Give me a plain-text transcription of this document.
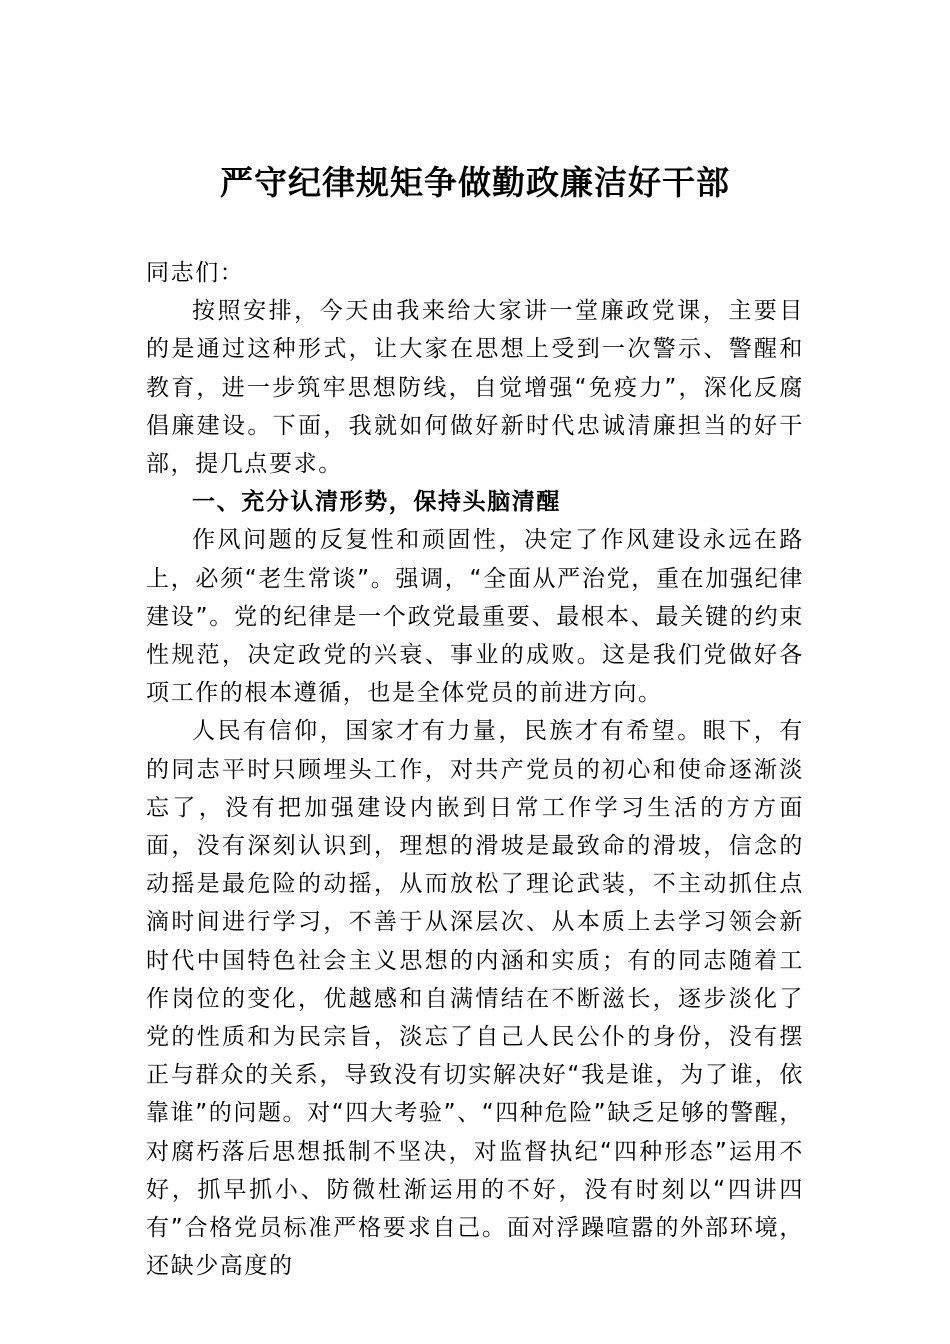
严守纪律规矩争做勤政廉洁好干部

同志们：

按照安排，今天由我来给大家讲一堂廉政党课，主要目的是通过这种形式，让大家在思想上受到一次警示、警醒和教育，进一步筑牢思想防线，自觉增强“免疫力”，深化反腐倡廉建设。下面，我就如何做好新时代忠诚清廉担当的好干部，提几点要求。

一、充分认清形势，保持头脑清醒

作风问题的反复性和顽固性，决定了作风建设永远在路上，必须“老生常谈”。强调，“全面从严治党，重在加强纪律建设”。党的纪律是一个政党最重要、最根本、最关键的约束性规范，决定政党的兴衰、事业的成败。这是我们党做好各项工作的根本遵循，也是全体党员的前进方向。

人民有信仰，国家才有力量，民族才有希望。眼下，有的同志平时只顾埋头工作，对共产党员的初心和使命逐渐淡忘了，没有把加强建设内嵌到日常工作学习生活的方方面面，没有深刻认识到，理想的滑坡是最致命的滑坡，信念的动摇是最危险的动摇，从而放松了理论武装，不主动抓住点滴时间进行学习，不善于从深层次、从本质上去学习领会新时代中国特色社会主义思想的内涵和实质；有的同志随着工作岗位的变化，优越感和自满情结在不断滋长，逐步淡化了党的性质和为民宗旨，淡忘了自己人民公仆的身份，没有摆正与群众的关系，导致没有切实解决好“我是谁，为了谁，依靠谁”的问题。对“四大考验”、“四种危险”缺乏足够的警醒，对腐朽落后思想抵制不坚决，对监督执纪“四种形态”运用不好，抓早抓小、防微杜渐运用的不好，没有时刻以“四讲四有”合格党员标准严格要求自己。面对浮躁喧嚣的外部环境，还缺少高度的
